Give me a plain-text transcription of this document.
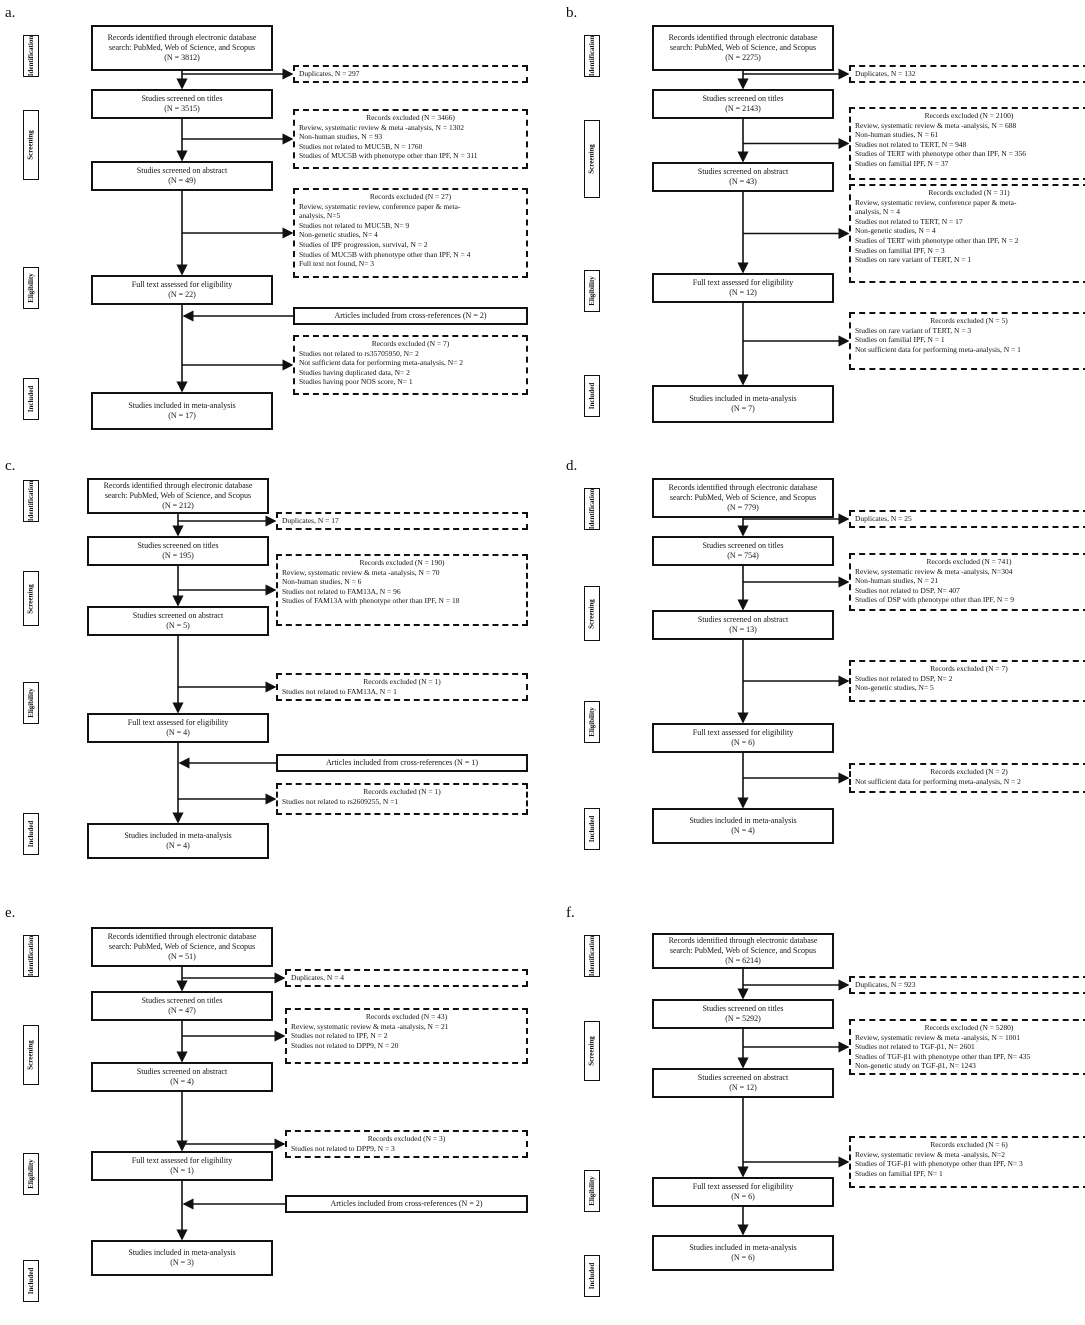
a.
Identification
Screening
Eligibility
Included
Records identified through electronic database
search: PubMed, Web of Science, and Scopus
(N = 3812)
Duplicates, N = 297
Studies screened on titles
(N = 3515)
Records excluded (N = 3466)
Review, systematic review & meta -analysis, N = 1302
Non-human studies, N = 93
Studies not related to MUC5B, N = 1760
Studies of MUC5B with phenotype other than IPF, N = 311
Studies screened on abstract
(N = 49)
Records excluded (N = 27)
Review, systematic review, conference paper & meta-
analysis, N=5
Studies not related to MUC5B, N= 9
Non-genetic studies, N= 4
Studies of IPF progression, survival, N = 2
Studies of MUC5B with phenotype other than IPF, N = 4
Full text not found, N= 3
Full text assessed for eligibility
(N = 22)
Articles included from cross-references (N = 2)
Records excluded (N = 7)
Studies not related to rs35705950, N= 2
Not sufficient data for performing meta-analysis, N= 2
Studies having duplicated data, N= 2
Studies having poor NOS score, N= 1
Studies included in meta-analysis
(N = 17)
b.
Identification
Screening
Eligibility
Included
Records identified through electronic database
search: PubMed, Web of Science, and Scopus
(N = 2275)
Duplicates, N = 132
Studies screened on titles
(N = 2143)
Records excluded (N = 2100)
Review, systematic review & meta -analysis, N = 688
Non-human studies, N = 61
Studies not related to TERT, N = 948
Studies of TERT with phenotype other than IPF, N = 356
Studies on familial IPF, N = 37
Studies screened on abstract
(N = 43)
Records excluded (N = 31)
Review, systematic review, conference paper & meta-
analysis, N = 4
Studies not related to TERT, N = 17
Non-genetic studies, N = 4
Studies of TERT with phenotype other than IPF, N = 2
Studies on familial IPF, N = 3
Studies on rare variant of TERT, N = 1
Full text assessed for eligibility
(N = 12)
Records excluded (N = 5)
Studies on rare variant of TERT, N = 3
Studies on familial IPF, N = 1
Not sufficient data for performing meta-analysis, N = 1
Studies included in meta-analysis
(N = 7)
c.
Identification
Screening
Eligibility
Included
Records identified through electronic database
search: PubMed, Web of Science, and Scopus
(N = 212)
Duplicates, N = 17
Studies screened on titles
(N = 195)
Records excluded (N = 190)
Review, systematic review & meta -analysis, N = 70
Non-human studies, N = 6
Studies not related to FAM13A, N = 96
Studies of FAM13A with phenotype other than IPF, N = 18
Studies screened on abstract
(N = 5)
Records excluded (N = 1)
Studies not related to FAM13A, N = 1
Full text assessed for eligibility
(N = 4)
Articles included from cross-references (N = 1)
Records excluded (N = 1)
Studies not related to rs2609255, N =1
Studies included in meta-analysis
(N = 4)
d.
Identification
Screening
Eligibility
Included
Records identified through electronic database
search: PubMed, Web of Science, and Scopus
(N = 779)
Duplicates, N = 25
Studies screened on titles
(N = 754)
Records excluded (N = 741)
Review, systematic review & meta -analysis, N=304
Non-human studies, N = 21
Studies not related to DSP, N= 407
Studies of DSP with phenotype other than IPF, N = 9
Studies screened on abstract
(N = 13)
Records excluded (N = 7)
Studies not related to DSP, N= 2
Non-genetic studies, N= 5
Full text assessed for eligibility
(N = 6)
Records excluded (N = 2)
Not sufficient data for performing meta-analysis, N = 2
Studies included in meta-analysis
(N = 4)
e.
Identification
Screening
Eligibility
Included
Records identified through electronic database
search: PubMed, Web of Science, and Scopus
(N = 51)
Duplicates, N = 4
Studies screened on titles
(N = 47)
Records excluded (N = 43)
Review, systematic review & meta -analysis, N = 21
Studies not related to IPF, N = 2
Studies not related to DPP9, N = 20
Studies screened on abstract
(N = 4)
Records excluded (N = 3)
Studies not related to DPP9, N = 3
Full text assessed for eligibility
(N = 1)
Articles included from cross-references (N = 2)
Studies included in meta-analysis
(N = 3)
f.
Identification
Screening
Eligibility
Included
Records identified through electronic database
search: PubMed, Web of Science, and Scopus
(N = 6214)
Duplicates, N = 923
Studies screened on titles
(N = 5292)
Records excluded (N = 5280)
Review, systematic review & meta -analysis, N = 1001
Studies not related to TGF-β1, N= 2601
Studies of TGF-β1 with phenotype other than IPF, N= 435
Non-genetic study on TGF-β1, N= 1243
Studies screened on abstract
(N = 12)
Records excluded (N = 6)
Review, systematic review & meta -analysis, N=2
Studies of TGF-β1 with phenotype other than IPF, N= 3
Studies on familial IPF, N= 1
Full text assessed for eligibility
(N = 6)
Studies included in meta-analysis
(N = 6)
